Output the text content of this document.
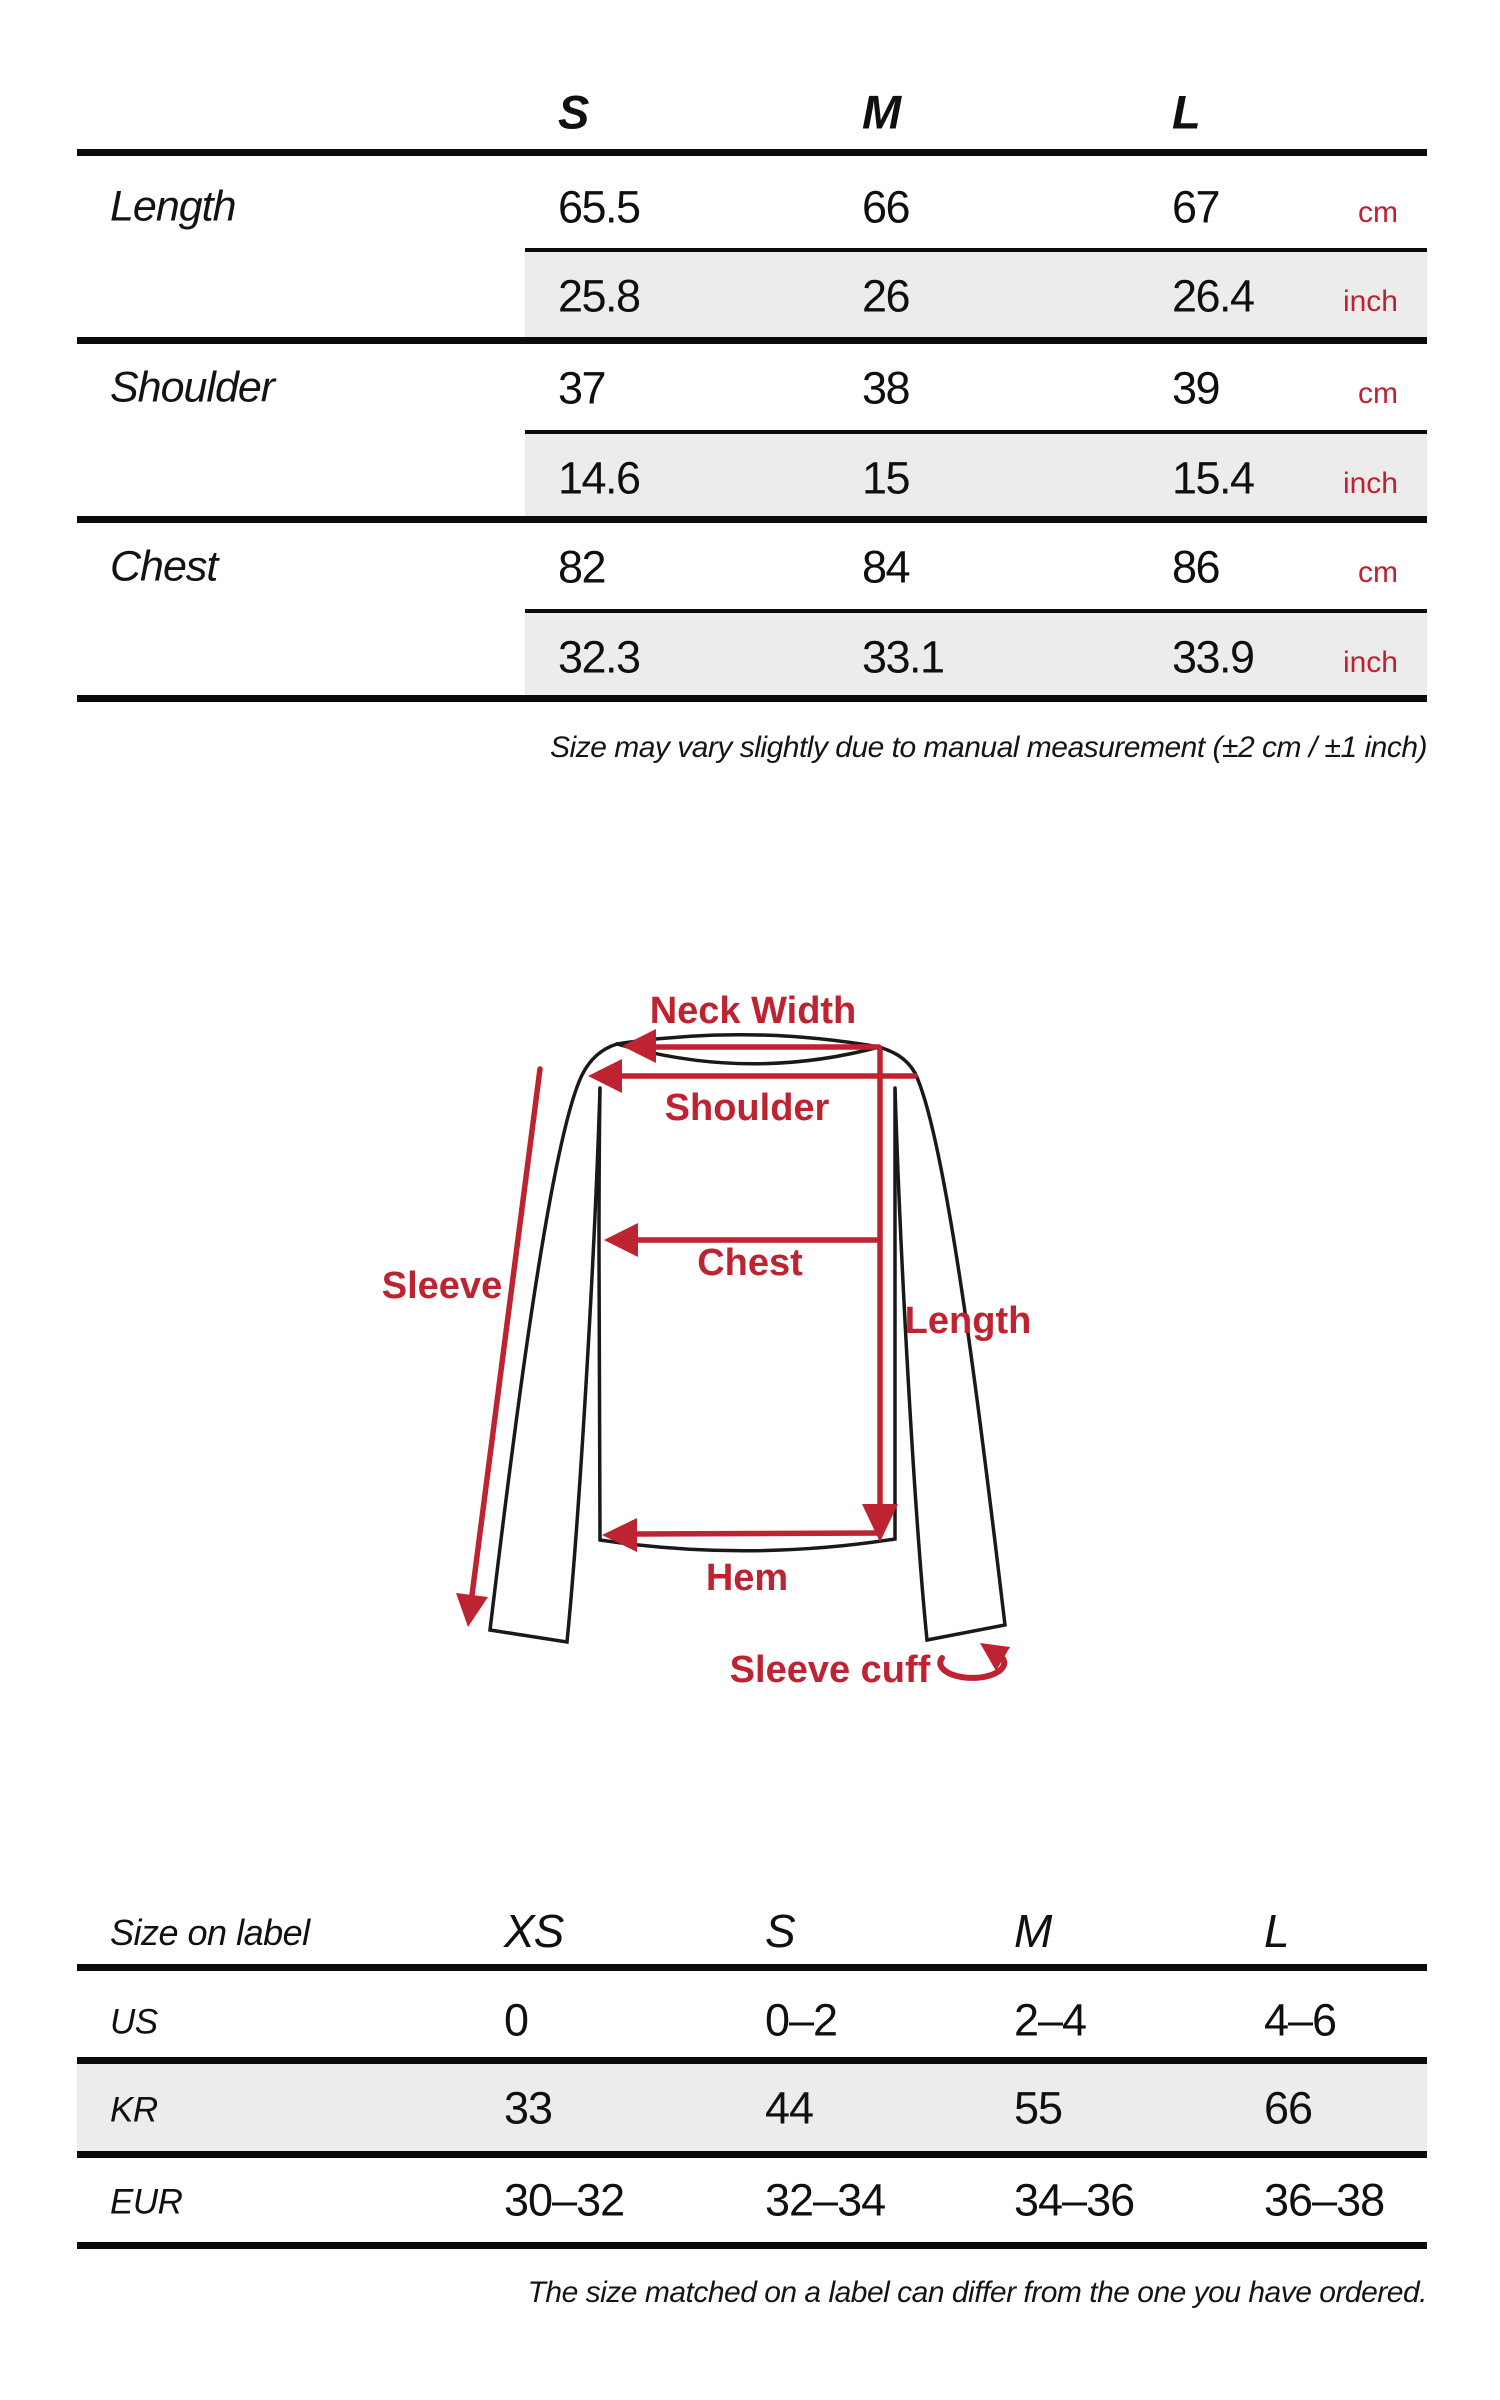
S	M	L
Length	65.5	66	67	cm
25.8	26	26.4	inch
Shoulder	37	38	39	cm
14.6	15	15.4	inch
Chest	82	84	86	cm
32.3	33.1	33.9	inch
Size may vary slightly due to manual measurement (±2 cm / ±1 inch)
Neck Width
Shoulder
Sleeve
Chest
Length
Hem
Sleeve cuff
Size on label	XS	S	M	L
US	0	0–2	2–4	4–6
KR	33	44	55	66
EUR	30–32	32–34	34–36	36–38
The size matched on a label can differ from the one you have ordered.
